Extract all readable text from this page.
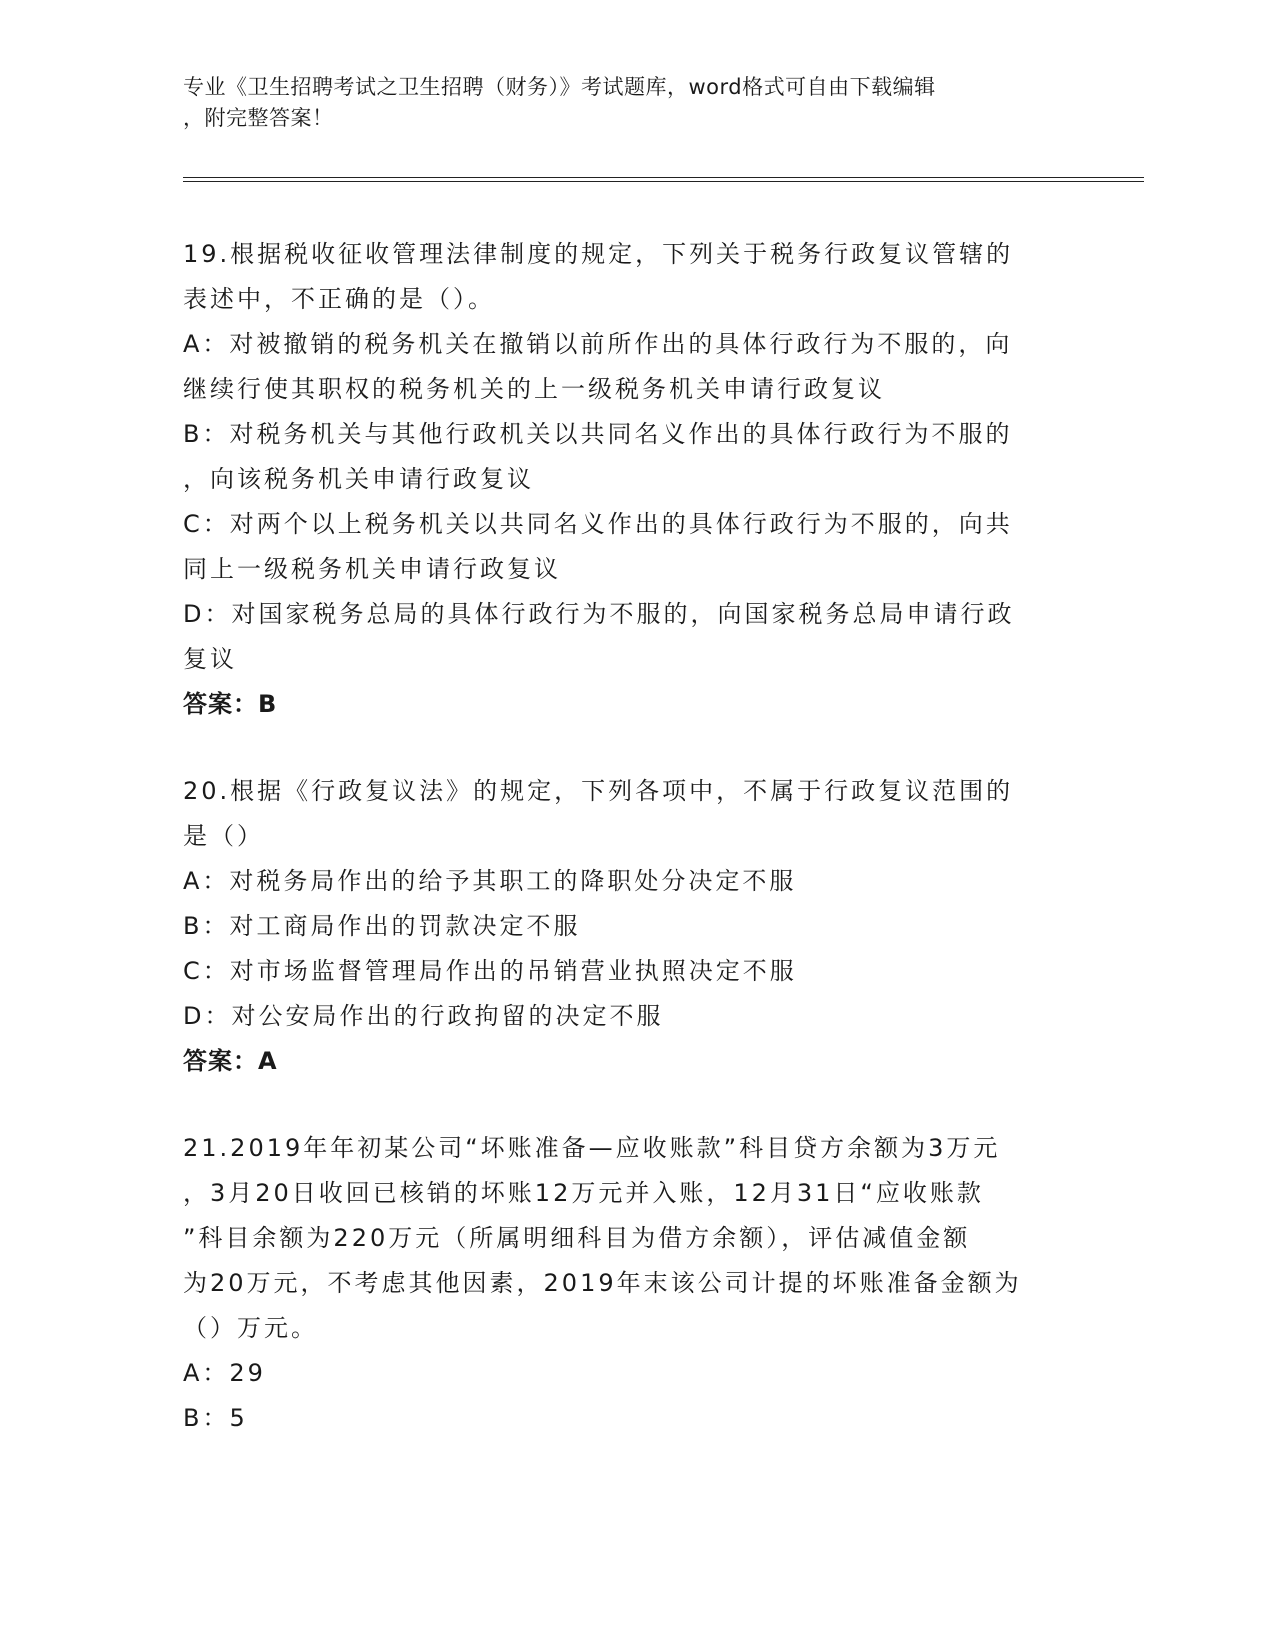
专业《卫生招聘考试之卫生招聘（财务）》考试题库，word格式可自由下载编辑
，附完整答案！
19.根据税收征收管理法律制度的规定，下列关于税务行政复议管辖的
表述中，不正确的是（）。
A：对被撤销的税务机关在撤销以前所作出的具体行政行为不服的，向
继续行使其职权的税务机关的上一级税务机关申请行政复议
B：对税务机关与其他行政机关以共同名义作出的具体行政行为不服的
，向该税务机关申请行政复议
C：对两个以上税务机关以共同名义作出的具体行政行为不服的，向共
同上一级税务机关申请行政复议
D：对国家税务总局的具体行政行为不服的，向国家税务总局申请行政
复议
答案：B
20.根据《行政复议法》的规定，下列各项中，不属于行政复议范围的
是（）
A：对税务局作出的给予其职工的降职处分决定不服
B：对工商局作出的罚款决定不服
C：对市场监督管理局作出的吊销营业执照决定不服
D：对公安局作出的行政拘留的决定不服
答案：A
21.2019年年初某公司“坏账准备—应收账款”科目贷方余额为3万元
，3月20日收回已核销的坏账12万元并入账，12月31日“应收账款
”科目余额为220万元（所属明细科目为借方余额），评估减值金额
为20万元，不考虑其他因素，2019年末该公司计提的坏账准备金额为
（）万元。
A：29
B：5
